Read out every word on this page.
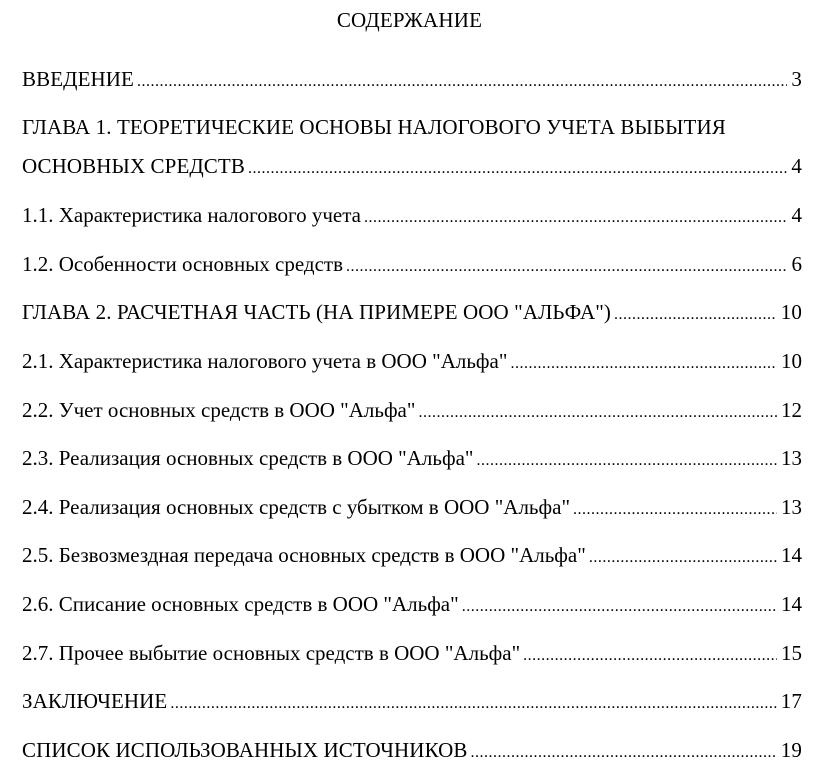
СОДЕРЖАНИЕ
ВВЕДЕНИЕ .....	3
ГЛАВА 1. ТЕОРЕТИЧЕСКИЕ ОСНОВЫ НАЛОГОВОГО УЧЕТА ВЫБЫТИЯ
ОСНОВНЫХ СРЕДСТВ .....	4
1.1. Характеристика налогового учета .....	4
1.2. Особенности основных средств .....	6
ГЛАВА 2. РАСЧЕТНАЯ ЧАСТЬ (НА ПРИМЕРЕ ООО "АЛЬФА") .....	10
2.1. Характеристика налогового учета в ООО "Альфа" .....	10
2.2. Учет основных средств в ООО "Альфа" .....	12
2.3. Реализация основных средств в ООО "Альфа" .....	13
2.4. Реализация основных средств с убытком в ООО "Альфа" .....	13
2.5. Безвозмездная передача основных средств в ООО "Альфа" .....	14
2.6. Списание основных средств в ООО "Альфа" .....	14
2.7. Прочее выбытие основных средств в ООО "Альфа" .....	15
ЗАКЛЮЧЕНИЕ .....	17
СПИСОК ИСПОЛЬЗОВАННЫХ ИСТОЧНИКОВ .....	19
